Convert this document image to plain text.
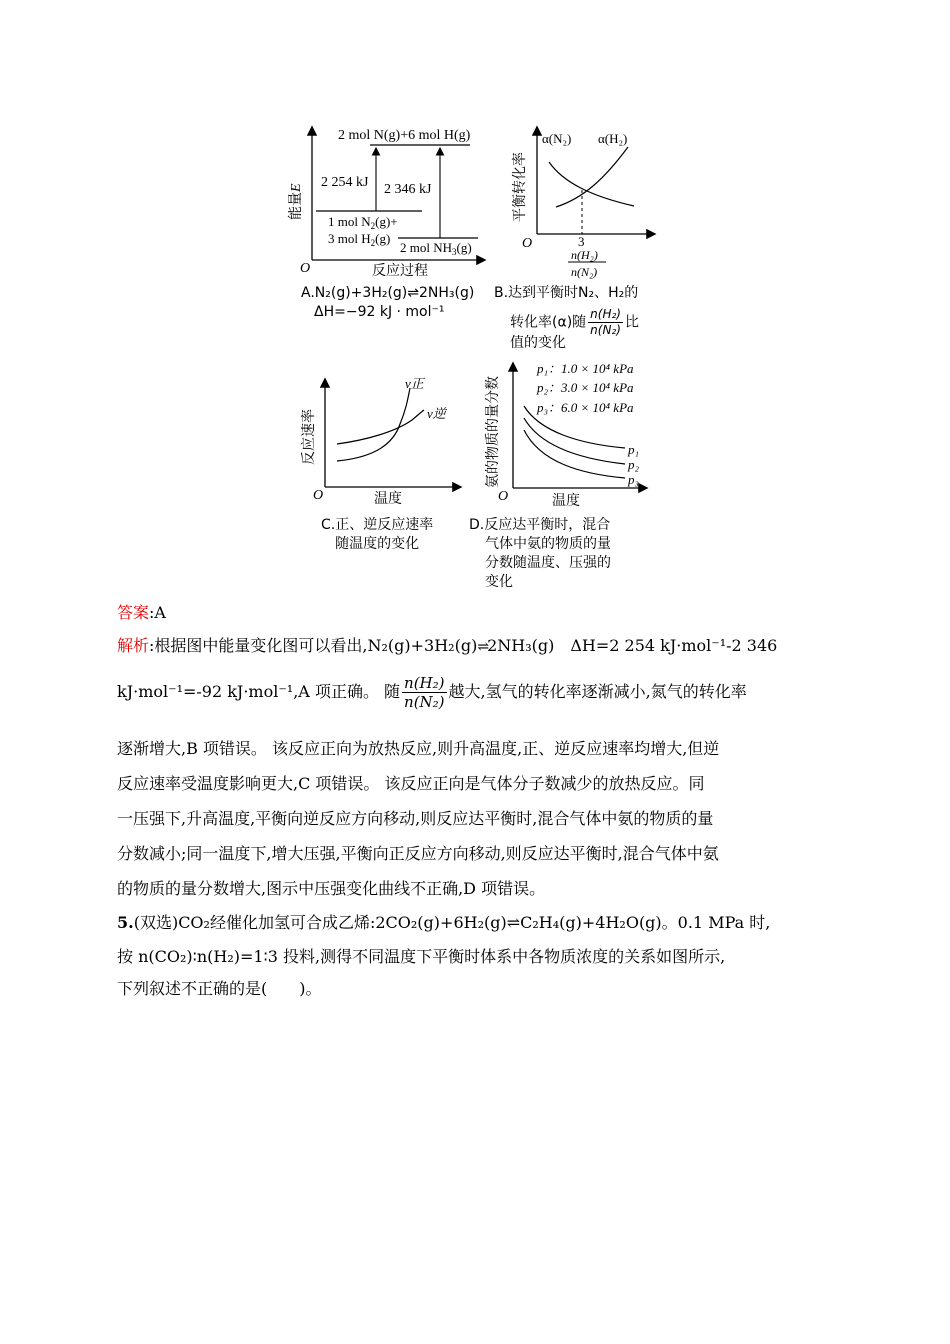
2 mol N(g)+6 mol H(g)
2 254 kJ 2 346 kJ
1 mol $N_2(g)+$
3 mol $H_2(g)$
2 mol $NH_3(g)$
能量E
O	反应过程
α(N₂) α(H₂)
平衡转化率
O	3
n(H₂)
n(N₂)
v正
v逆
反应速率
O	温度
p₁：1.0 × 10⁴ kPa
p₂：3.0 × 10⁴ kPa
p₃：6.0 × 10⁴ kPa
p₁
p₂
p₃
氨的物质的量分数
O	温度
A.N₂(g)+3H₂(g)⇌2NH₃(g)
ΔH=−92 kJ · mol⁻¹
B.达到平衡时N₂、H₂的
转化率(α)随 $\frac{\text{n(H₂)}}{\text{n(N₂)}}$ 比
值的变化
C.正、逆反应速率
随温度的变化
D.反应达平衡时，混合
气体中氨的物质的量
分数随温度、压强的
变化
答案:A
解析:根据图中能量变化图可以看出,N₂(g)+3H₂(g)⇌2NH₃(g)　ΔH=2 254 kJ·mol⁻¹-2 346
kJ·mol⁻¹=-92 kJ·mol⁻¹,A 项正确。 随 $\frac{\text{n(H₂)}}{\text{n(N₂)}}$ 越大,氢气的转化率逐渐减小,氮气的转化率
逐渐增大,B 项错误。 该反应正向为放热反应,则升高温度,正、逆反应速率均增大,但逆
反应速率受温度影响更大,C 项错误。 该反应正向是气体分子数减少的放热反应。同
一压强下,升高温度,平衡向逆反应方向移动,则反应达平衡时,混合气体中氨的物质的量
分数减小;同一温度下,增大压强,平衡向正反应方向移动,则反应达平衡时,混合气体中氨
的物质的量分数增大,图示中压强变化曲线不正确,D 项错误。
5.(双选)CO₂经催化加氢可合成乙烯:2CO₂(g)+6H₂(g)⇌C₂H₄(g)+4H₂O(g)。0.1 MPa 时,
按 n(CO₂)∶n(H₂)=1∶3 投料,测得不同温度下平衡时体系中各物质浓度的关系如图所示,
下列叙述不正确的是(　　)。
